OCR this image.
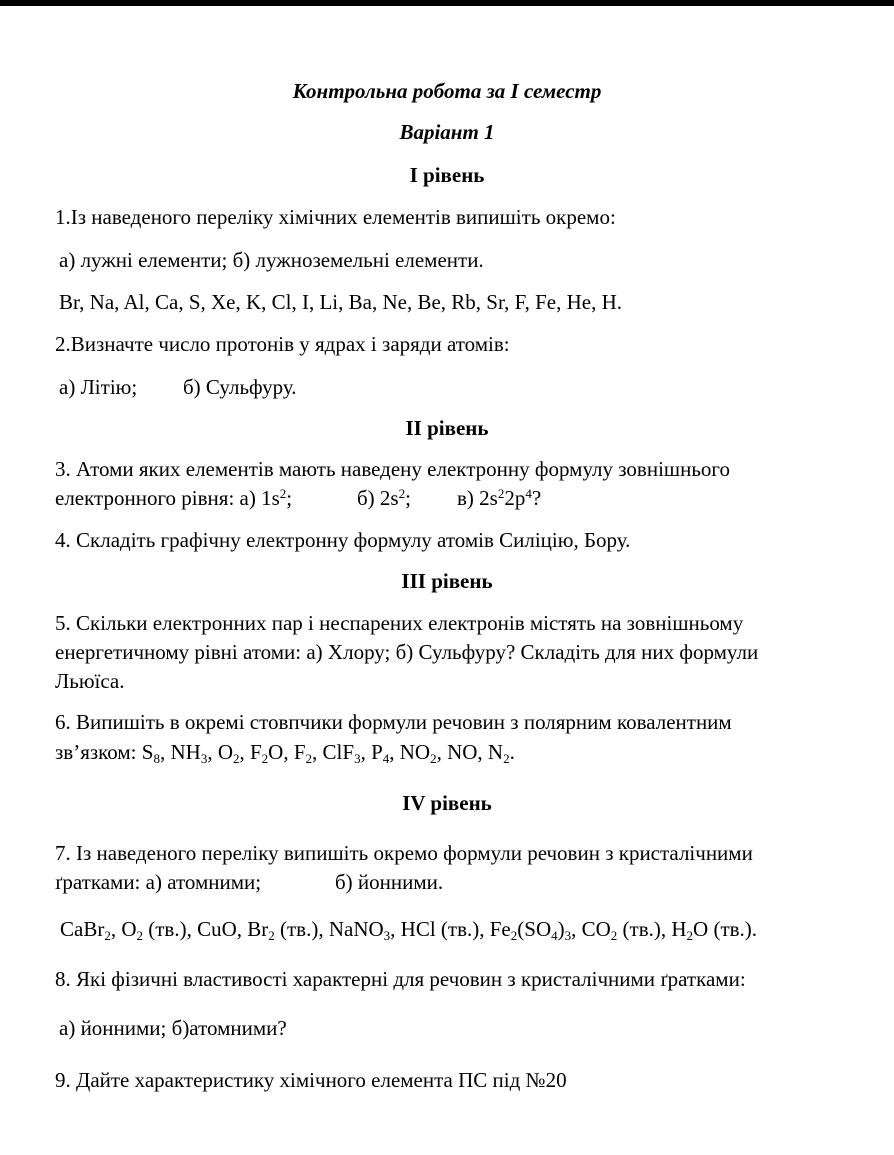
Контрольна робота за І семестр

Варіант 1

І рівень

1.Із наведеного переліку хімічних елементів випишіть окремо:

а) лужні елементи; б) лужноземельні елементи.

Br, Na, Al, Ca, S, Xe, K, Cl, I, Li, Ba, Ne, Be, Rb, Sr, F, Fe, He, H.

2.Визначте число протонів у ядрах і заряди атомів:

а) Літію; б) Сульфуру.

ІІ рівень

3. Атоми яких елементів мають наведену електронну формулу зовнішнього

електронного рівня: а) $1s^2$;	б) $2s^2$; в) $2s^22p^4$?

4. Складіть графічну електронну формулу атомів Силіцію, Бору.

ІІІ рівень

5. Скільки електронних пар і неспарених електронів містять на зовнішньому

енергетичному рівні атоми: а) Хлору; б) Сульфуру? Складіть для них формули

Льюїса.

6. Випишіть в окремі стовпчики формули речовин з полярним ковалентним

зв’язком: $S_8$, $NH_3$, $O_2$, $F_2O$, $F_2$, ClF$_3$, $P_4$, $NO_2$, NO, $N_2$.

IV рівень

7. Із наведеного переліку випишіть окремо формули речовин з кристалічними

ґратками: а) атомними;	б) йонними.

CaBr$_2$, $O_2$ (тв.), CuO, $Br_2$ (тв.), NaNO$_3$, HCl (тв.), $Fe_2(SO_4)_3$, $CO_2$ (тв.), $H_2O$ (тв.).

8. Які фізичні властивості характерні для речовин з кристалічними ґратками:

а) йонними; б)атомними?

9. Дайте характеристику хімічного елемента ПС під №20
